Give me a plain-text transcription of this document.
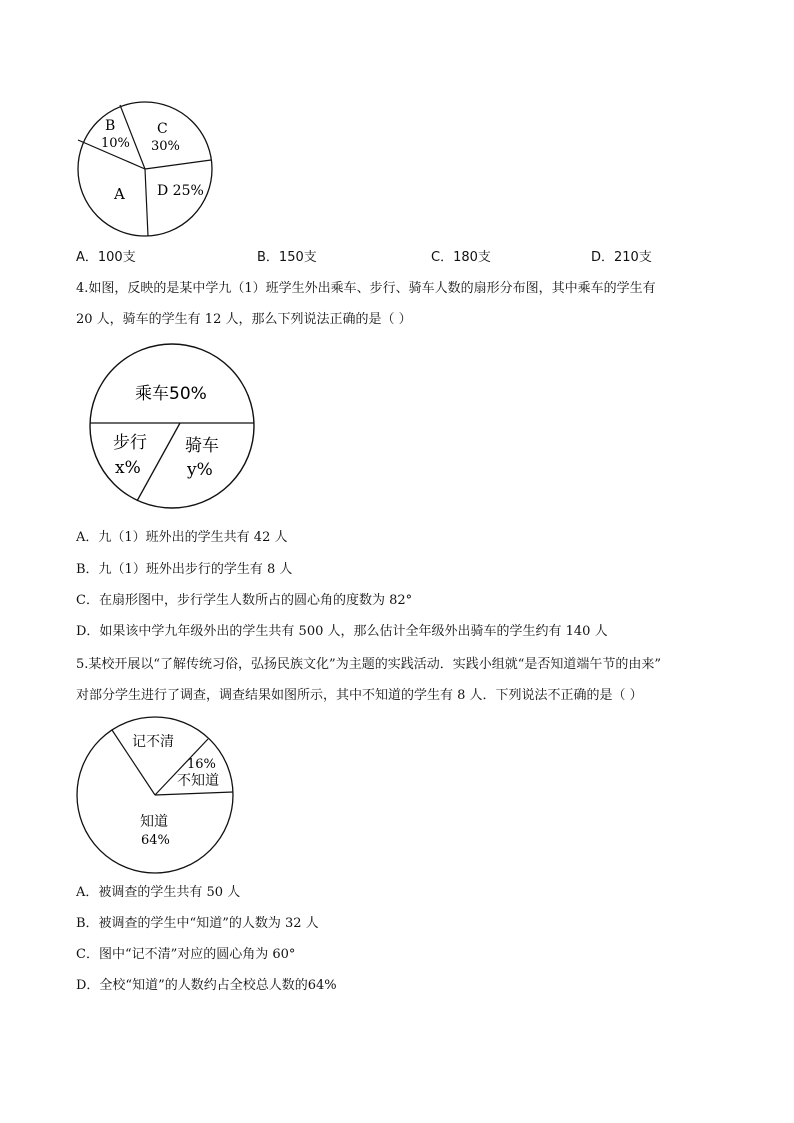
B
10%
C
30%
D 25%
A
A．100支	B．150支	C．180支	D．210支
4.如图，反映的是某中学九（1）班学生外出乘车、步行、骑车人数的扇形分布图，其中乘车的学生有
20 人，骑车的学生有 12 人，那么下列说法正确的是（ ）
乘车50%
步行
x%
骑车
y%
A．九（1）班外出的学生共有 42 人
B．九（1）班外出步行的学生有 8 人
C．在扇形图中，步行学生人数所占的圆心角的度数为 82°
D．如果该中学九年级外出的学生共有 500 人，那么估计全年级外出骑车的学生约有 140 人
5.某校开展以“了解传统习俗，弘扬民族文化”为主题的实践活动．实践小组就“是否知道端午节的由来”
对部分学生进行了调查，调查结果如图所示，其中不知道的学生有 8 人．下列说法不正确的是（ ）
记不清
16%
不知道
知道
64%
A．被调查的学生共有 50 人
B．被调查的学生中“知道”的人数为 32 人
C．图中“记不清”对应的圆心角为 60°
D．全校“知道”的人数约占全校总人数的64%
